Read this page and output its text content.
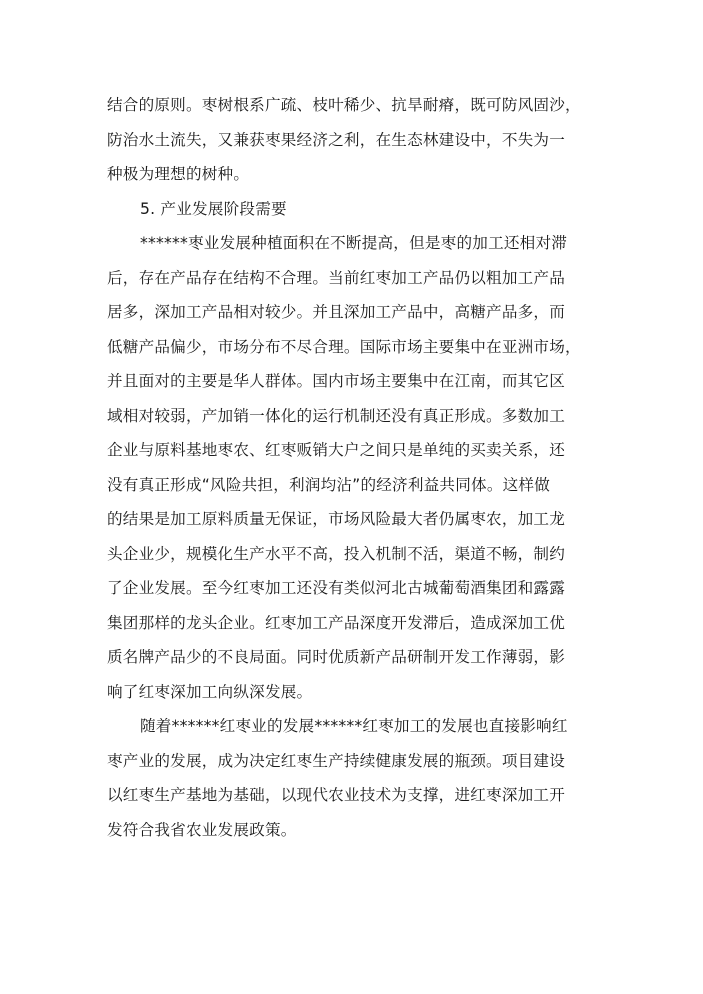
结合的原则。枣树根系广疏、枝叶稀少、抗旱耐瘠，既可防风固沙，
防治水土流失，又兼获枣果经济之利，在生态林建设中，不失为一
种极为理想的树种。
5. 产业发展阶段需要
******枣业发展种植面积在不断提高，但是枣的加工还相对滞
后，存在产品存在结构不合理。当前红枣加工产品仍以粗加工产品
居多，深加工产品相对较少。并且深加工产品中，高糖产品多，而
低糖产品偏少，市场分布不尽合理。国际市场主要集中在亚洲市场，
并且面对的主要是华人群体。国内市场主要集中在江南，而其它区
域相对较弱，产加销一体化的运行机制还没有真正形成。多数加工
企业与原料基地枣农、红枣贩销大户之间只是单纯的买卖关系，还
没有真正形成“风险共担，利润均沾”的经济利益共同体。这样做
的结果是加工原料质量无保证，市场风险最大者仍属枣农，加工龙
头企业少，规模化生产水平不高，投入机制不活，渠道不畅，制约
了企业发展。至今红枣加工还没有类似河北古城葡萄酒集团和露露
集团那样的龙头企业。红枣加工产品深度开发滞后，造成深加工优
质名牌产品少的不良局面。同时优质新产品研制开发工作薄弱，影
响了红枣深加工向纵深发展。
随着******红枣业的发展******红枣加工的发展也直接影响红
枣产业的发展，成为决定红枣生产持续健康发展的瓶颈。项目建设
以红枣生产基地为基础，以现代农业技术为支撑，进红枣深加工开
发符合我省农业发展政策。
